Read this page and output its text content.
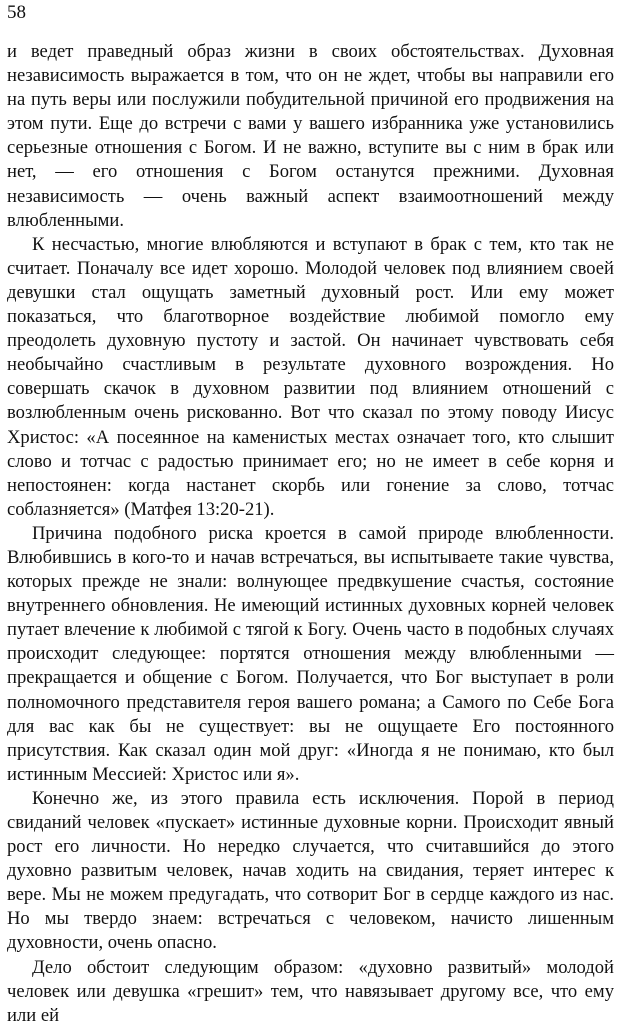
58

и ведет праведный образ жизни в своих обстоятельствах. Духовная независимость выражается в том, что он не ждет, чтобы вы направили его на путь веры или послужили побудительной причиной его продвижения на этом пути. Еще до встречи с вами у вашего избранника уже установились серьезные отношения с Богом. И не важно, вступите вы с ним в брак или нет, — его отношения с Богом останутся прежними. Духовная независимость — очень важный аспект взаимоотношений между влюбленными.

К несчастью, многие влюбляются и вступают в брак с тем, кто так не считает. Поначалу все идет хорошо. Молодой человек под влиянием своей девушки стал ощущать заметный духовный рост. Или ему может показаться, что благотворное воздействие любимой помогло ему преодолеть духовную пустоту и застой. Он начинает чувствовать себя необычайно счастливым в результате духовного возрождения. Но совершать скачок в духовном развитии под влиянием отношений с возлюбленным очень рискованно. Вот что сказал по этому поводу Иисус Христос: «А посеянное на каменистых местах означает того, кто слышит слово и тотчас с радостью принимает его; но не имеет в себе корня и непостоянен: когда настанет скорбь или гонение за слово, тотчас соблазняется» (Матфея 13:20-21).

Причина подобного риска кроется в самой природе влюбленности. Влюбившись в кого-то и начав встречаться, вы испытываете такие чувства, которых прежде не знали: волнующее предвкушение счастья, состояние внутреннего обновления. Не имеющий истинных духовных корней человек путает влечение к любимой с тягой к Богу. Очень часто в подобных случаях происходит следующее: портятся отношения между влюбленными — прекращается и общение с Богом. Получается, что Бог выступает в роли полномочного представителя героя вашего романа; а Самого по Себе Бога для вас как бы не существует: вы не ощущаете Его постоянного присутствия. Как сказал один мой друг: «Иногда я не понимаю, кто был истинным Мессией: Христос или я».

Конечно же, из этого правила есть исключения. Порой в период свиданий человек «пускает» истинные духовные корни. Происходит явный рост его личности. Но нередко случается, что считавшийся до этого духовно развитым человек, начав ходить на свидания, теряет интерес к вере. Мы не можем предугадать, что сотворит Бог в сердце каждого из нас. Но мы твердо знаем: встречаться с человеком, начисто лишенным духовности, очень опасно.

Дело обстоит следующим образом: «духовно развитый» молодой человек или девушка «грешит» тем, что навязывает другому все, что ему или ей
